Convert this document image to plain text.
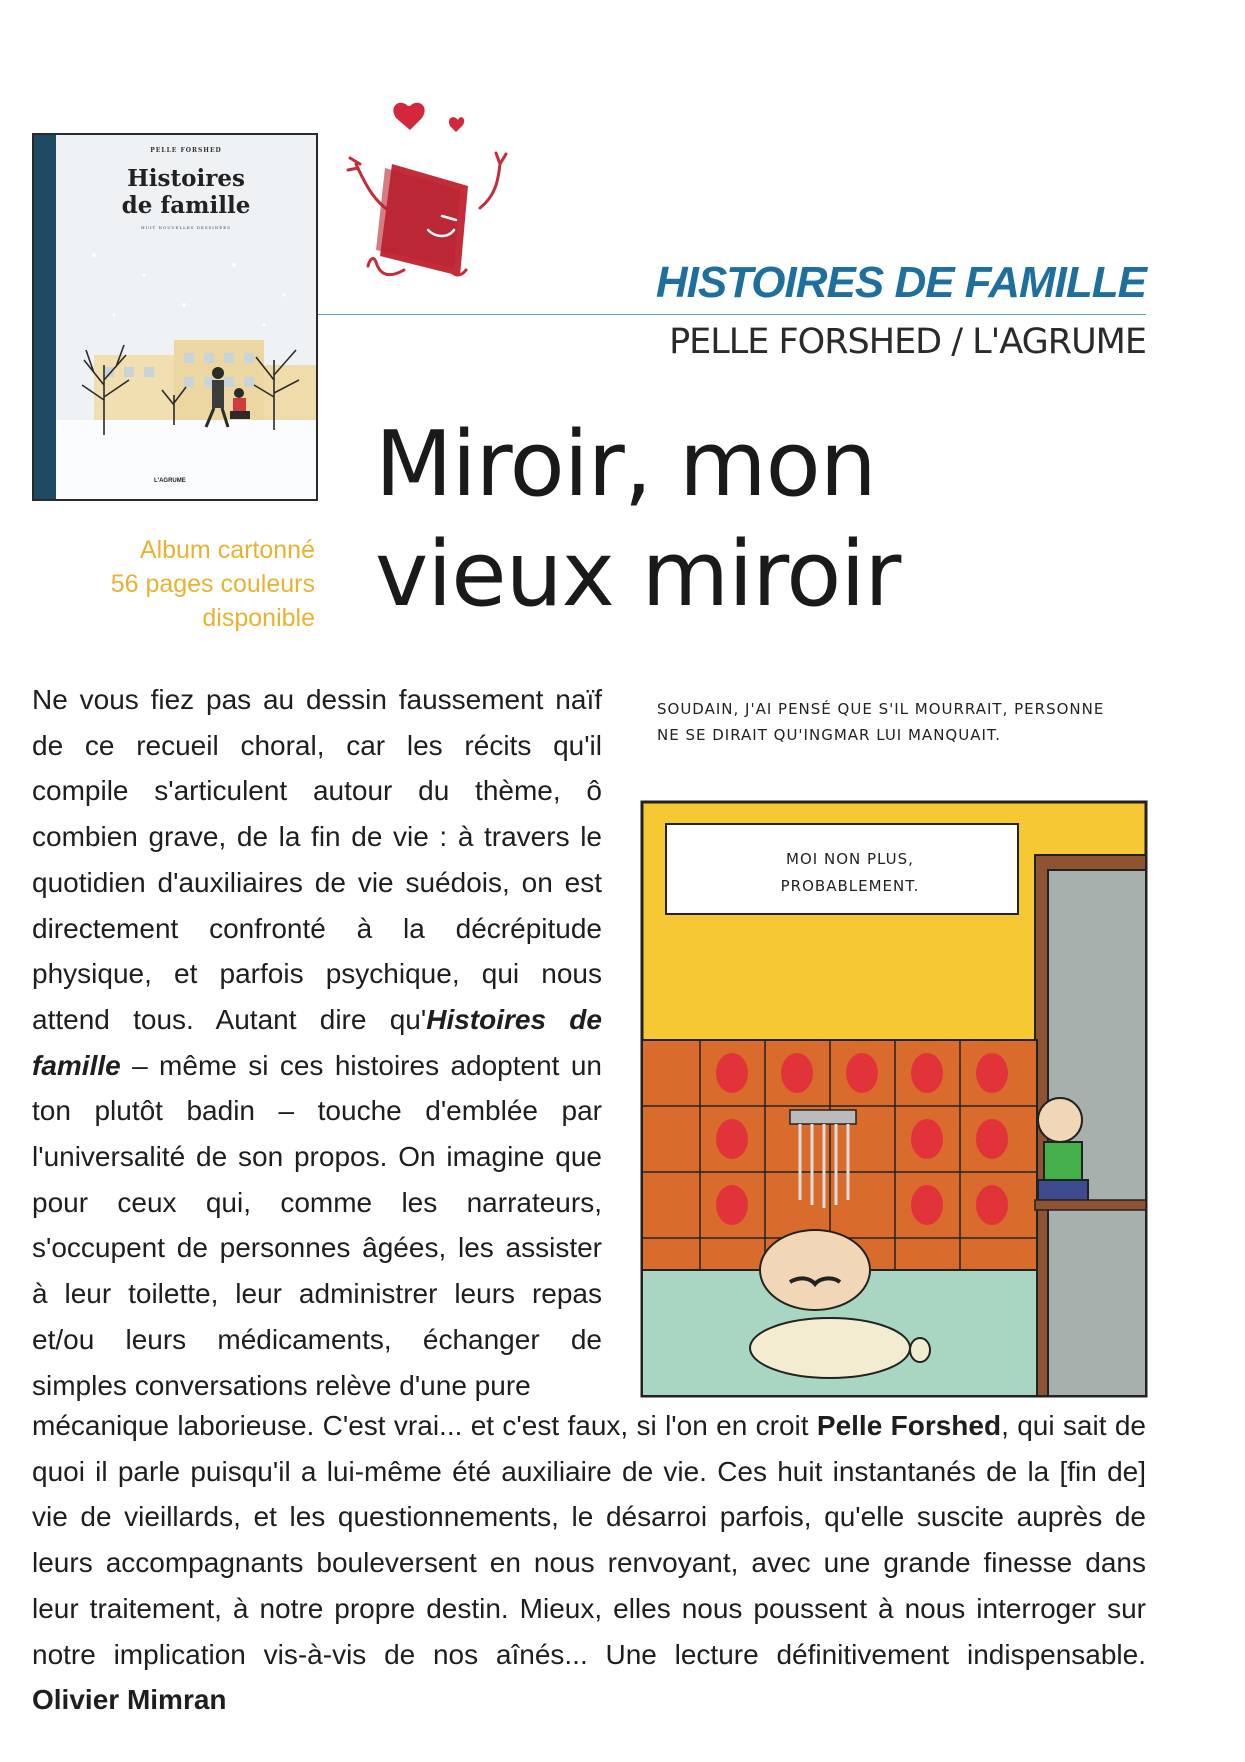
PELLE FORSHED
Histoires
de famille
HUIT NOUVELLES DESSINÉES
L'AGRUME
Album cartonné
56 pages couleurs
disponible
HISTOIRES DE FAMILLE
PELLE FORSHED / L'AGRUME
Miroir, mon
vieux miroir
Ne vous fiez pas au dessin faussement naïf de ce recueil choral, car les récits qu'il compile s'articulent autour du thème, ô combien grave, de la fin de vie : à travers le quotidien d'auxiliaires de vie suédois, on est directement confronté à la décrépitude physique, et parfois psychique, qui nous attend tous. Autant dire qu'Histoires de famille – même si ces histoires adoptent un ton plutôt badin – touche d'emblée par l'universalité de son propos. On imagine que pour ceux qui, comme les narrateurs, s'occupent de personnes âgées, les assister à leur toilette, leur administrer leurs repas et/ou leurs médicaments, échanger de simples conversations relève d'une pure
mécanique laborieuse. C'est vrai... et c'est faux, si l'on en croit Pelle Forshed, qui sait de quoi il parle puisqu'il a lui-même été auxiliaire de vie. Ces huit instantanés de la [fin de] vie de vieillards, et les questionnements, le désarroi parfois, qu'elle suscite auprès de leurs accompagnants bouleversent en nous renvoyant, avec une grande finesse dans leur traitement, à notre propre destin. Mieux, elles nous poussent à nous interroger sur notre implication vis-à-vis de nos aînés... Une lecture définitivement indispensable. Olivier Mimran
SOUDAIN, J'AI PENSÉ QUE S'IL MOURRAIT, PERSONNE NE SE DIRAIT QU'INGMAR LUI MANQUAIT.
MOI NON PLUS,
PROBABLEMENT.
